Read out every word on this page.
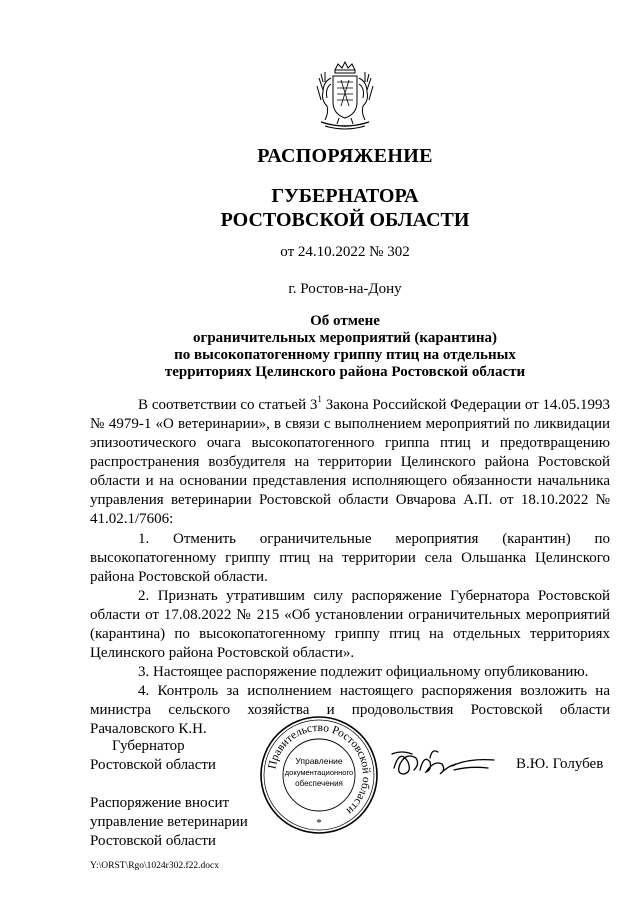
РАСПОРЯЖЕНИЕ
ГУБЕРНАТОРА
РОСТОВСКОЙ ОБЛАСТИ
от 24.10.2022 № 302
г. Ростов-на-Дону
Об отмене
ограничительных мероприятий (карантина)
по высокопатогенному гриппу птиц на отдельных
территориях Целинского района Ростовской области

В соответствии со статьей $3^1$ Закона Российской Федерации от 14.05.1993 № 4979-1 «О ветеринарии», в связи с выполнением мероприятий по ликвидации эпизоотического очага высокопатогенного гриппа птиц и предотвращению распространения возбудителя на территории Целинского района Ростовской области и на основании представления исполняющего обязанности начальника управления ветеринарии Ростовской области Овчарова А.П. от 18.10.2022 № 41.02.1/7606:

1. Отменить ограничительные мероприятия (карантин) по высокопатогенному гриппу птиц на территории села Ольшанка Целинского района Ростовской области.

2. Признать утратившим силу распоряжение Губернатора Ростовской области от 17.08.2022 № 215 «Об установлении ограничительных мероприятий (карантина) по высокопатогенному гриппу птиц на отдельных территориях Целинского района Ростовской области».

3. Настоящее распоряжение подлежит официальному опубликованию.

4. Контроль за исполнением настоящего распоряжения возложить на министра сельского хозяйства и продовольствия Ростовской области Рачаловского К.Н.

Губернатор
Ростовской области	Правительство Ростовской области
Управление
документационного
обеспечения
*
В.Ю. Голубев
Распоряжение вносит
управление ветеринарии
Ростовской области
Y:\ORST\Rgo\1024r302.f22.docx
